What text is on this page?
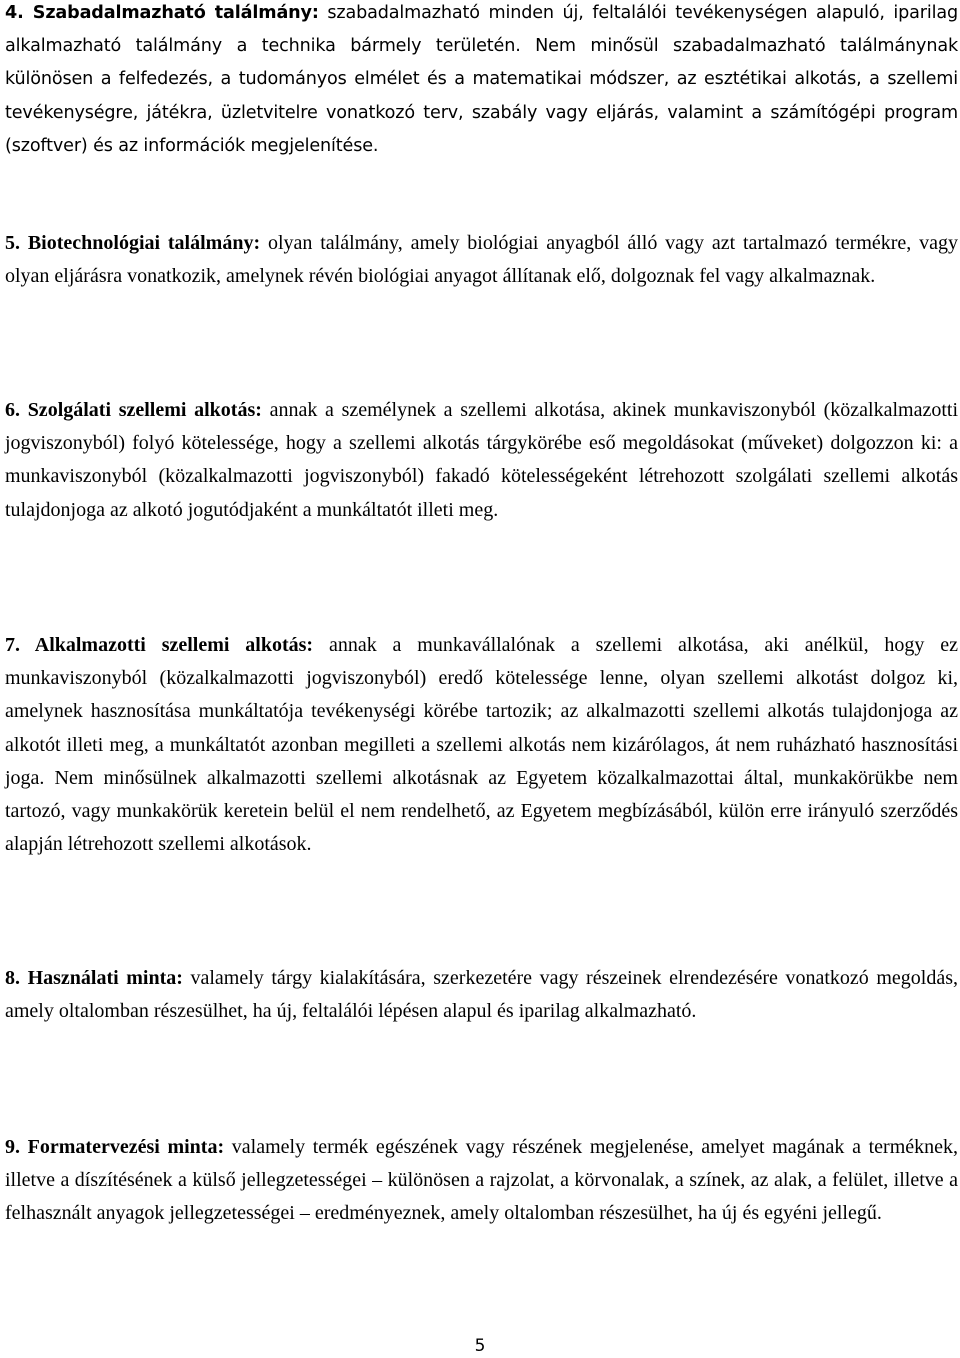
4. Szabadalmazható találmány: szabadalmazható minden új, feltalálói tevékenységen alapuló, iparilag alkalmazható találmány a technika bármely területén. Nem minősül szabadalmazható találmánynak különösen a felfedezés, a tudományos elmélet és a matematikai módszer, az esztétikai alkotás, a szellemi tevékenységre, játékra, üzletvitelre vonatkozó terv, szabály vagy eljárás, valamint a számítógépi program (szoftver) és az információk megjelenítése.

5. Biotechnológiai találmány: olyan találmány, amely biológiai anyagból álló vagy azt tartalmazó termékre, vagy olyan eljárásra vonatkozik, amelynek révén biológiai anyagot állítanak elő, dolgoznak fel vagy alkalmaznak.

6. Szolgálati szellemi alkotás: annak a személynek a szellemi alkotása, akinek munkaviszonyból (közalkalmazotti jogviszonyból) folyó kötelessége, hogy a szellemi alkotás tárgykörébe eső megoldásokat (műveket) dolgozzon ki: a munkaviszonyból (közalkalmazotti jogviszonyból) fakadó kötelességeként létrehozott szolgálati szellemi alkotás tulajdonjoga az alkotó jogutódjaként a munkáltatót illeti meg.

7. Alkalmazotti szellemi alkotás: annak a munkavállalónak a szellemi alkotása, aki anélkül, hogy ez munkaviszonyból (közalkalmazotti jogviszonyból) eredő kötelessége lenne, olyan szellemi alkotást dolgoz ki, amelynek hasznosítása munkáltatója tevékenységi körébe tartozik; az alkalmazotti szellemi alkotás tulajdonjoga az alkotót illeti meg, a munkáltatót azonban megilleti a szellemi alkotás nem kizárólagos, át nem ruházható hasznosítási joga. Nem minősülnek alkalmazotti szellemi alkotásnak az Egyetem közalkalmazottai által, munkakörükbe nem tartozó, vagy munkakörük keretein belül el nem rendelhető, az Egyetem megbízásából, külön erre irányuló szerződés alapján létrehozott szellemi alkotások.

8. Használati minta: valamely tárgy kialakítására, szerkezetére vagy részeinek elrendezésére vonatkozó megoldás, amely oltalomban részesülhet, ha új, feltalálói lépésen alapul és iparilag alkalmazható.

9. Formatervezési minta: valamely termék egészének vagy részének megjelenése, amelyet magának a terméknek, illetve a díszítésének a külső jellegzetességei – különösen a rajzolat, a körvonalak, a színek, az alak, a felület, illetve a felhasznált anyagok jellegzetességei – eredményeznek, amely oltalomban részesülhet, ha új és egyéni jellegű.

5
